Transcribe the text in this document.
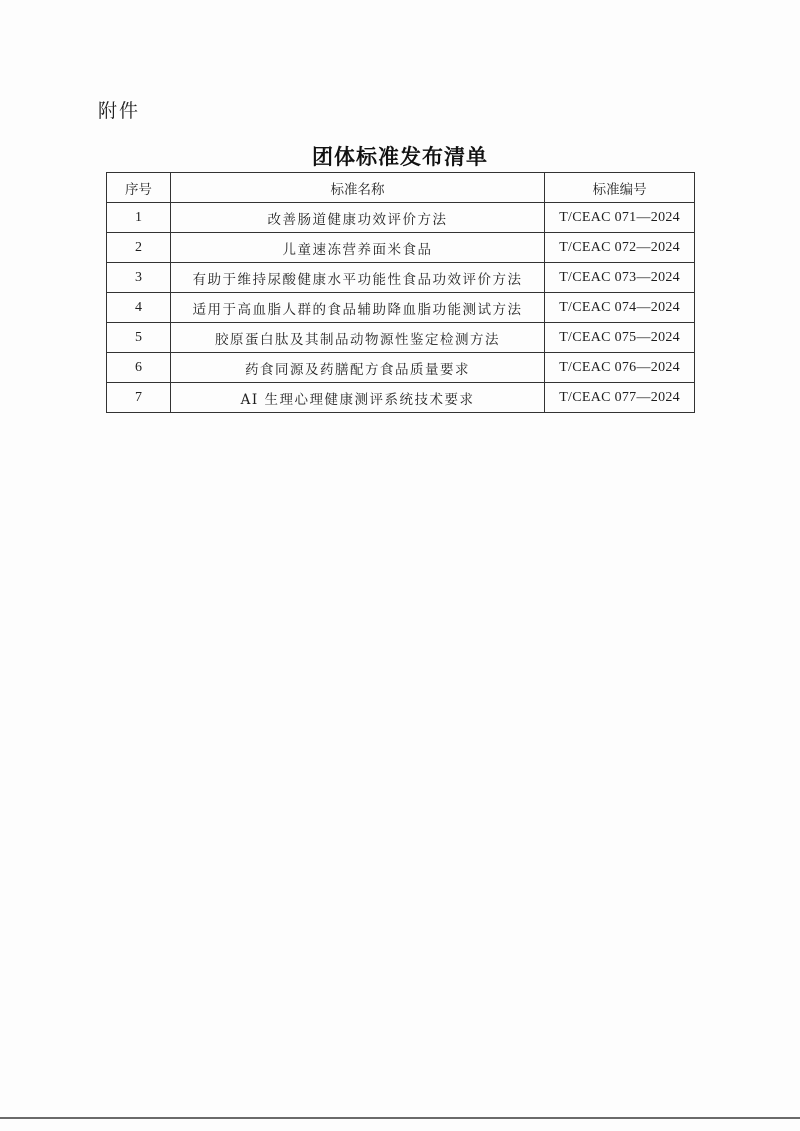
附件
团体标准发布清单
序号	标准名称	标准编号
1	改善肠道健康功效评价方法	T/CEAC 071—2024
2	儿童速冻营养面米食品	T/CEAC 072—2024
3	有助于维持尿酸健康水平功能性食品功效评价方法	T/CEAC 073—2024
4	适用于高血脂人群的食品辅助降血脂功能测试方法	T/CEAC 074—2024
5	胶原蛋白肽及其制品动物源性鉴定检测方法	T/CEAC 075—2024
6	药食同源及药膳配方食品质量要求	T/CEAC 076—2024
7	AI 生理心理健康测评系统技术要求	T/CEAC 077—2024
